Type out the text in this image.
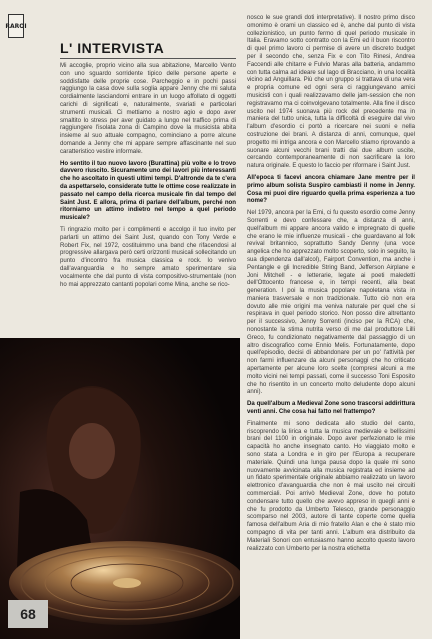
RAROI
L' INTERVISTA

Mi accoglie, proprio vicino alla sua abitazione, Marcello Vento con uno sguardo sorridente tipico delle persone aperte e soddisfatte delle proprie cose. Parcheggio e in pochi passi raggiungo la casa dove sulla soglia appare Jenny che mi saluta cordialmente lasciandomi entrare in un luogo affollato di oggetti carichi di significati e, naturalmente, svariati e particolari strumenti musicali. Ci mettiamo a nostro agio e dopo aver smaltito lo stress per aver guidato a lungo nel traffico prima di raggiungere l'isolata zona di Campino dove la musicista abita insieme al suo attuale compagno, cominciano a porre alcune domande a Jenny che mi appare sempre affascinante nel suo caratteristico vestire informale.

Ho sentito il tuo nuovo lavoro (Burattina) più volte e lo trovo davvero riuscito. Sicuramente uno dei lavori più interessanti che ho ascoltato in questi ultimi tempi. D'altronde da te c'era da aspettarselo, considerate tutte le ottime cose realizzate in passato nel campo della ricerca musicale fin dal tempo del Saint Just. E allora, prima di parlare dell'album, perché non ritorniamo un attimo indietro nel tempo a quel periodo musicale?

Ti ringrazio molto per i complimenti e accolgo il tuo invito per parlarti un attimo dei Saint Just, quando con Tony Verde e Robert Fix, nel 1972, costituimmo una band che rifacendosi al progressive allargava però certi orizzonti musicali sollecitando un punto d'incontro fra musica classica e rock. Io venivo dall'avanguardia e ho sempre amato sperimentare sia vocalmente che dal punto di vista compositivo-strumentale (non ho mai apprezzato cantanti popolari come Mina, anche se rico-

nosco le sue grandi doti interpretative). Il nostro primo disco omonimo è orami un classico ed è, anche dal punto di vista collezionistico, un punto fermo di quel periodo musicale in Italia. Eravamo sotto contratto con la Emi ed il buon riscontro di quel primo lavoro ci permise di avere un discreto budget per il secondo che, senza Fix e con Tito Rinesi, Andrea Faccendi alle chitarre e Fulvio Maras alla batteria, andammo con tutta calma ad ideare sul lago di Bracciano, in una località vicino ad Anguillara. Più che un gruppo si trattava di una vera e propria comune ed ogni sera ci raggiungevano amici musicisti con i quali realizzavamo delle jam-session che non registravamo ma ci coinvolgevano totalmente. Alla fine il disco uscito nel 1974 suonava più rock del precedente ma in maniera del tutto unica, tutta la difficoltà di eseguire dal vivo l'album d'esordio ci portò a ricercare nei suoni e nella costruzione dei brani. A distanza di anni, comunque, quel progetto mi intriga ancora e con Marcello stiamo riprovando a suonare alcuni vecchi brani tratti dai due album uscite, cercando contemporaneamente di non sacrificare la loro natura originale. E questo lo faccio per riformare i Saint Just.

All'epoca ti facevi ancora chiamare Jane mentre per il primo album solista Suspiro cambiasti il nome in Jenny. Cosa mi puoi dire riguardo quella prima esperienza a tuo nome?

Nel 1979, ancora per la Emi, ci fu questo esordio come Jenny Sorrenti e devo confessare che, a distanza di anni, quell'album mi appare ancora valido e impregnato di quelle che erano le mie influenze musicali - che guardavano al folk revival britannico, soprattutto Sandy Denny (una voce angelica che ho apprezzato molto scoperto, solo in seguito, la sua dipendenza dall'alcol), Fairport Convention, ma anche i Pentangle e gli Incredible String Band, Jefferson Airplane e Joni Mitchell - e letterarie, legate ai poeti maledetti dell'Ottocento francese e, in tempi recenti, alla beat generation. I poi la musica popolare napoletana vista in maniera trasversale e non tradizionale. Tutto ciò non era dovuto alle mie origini ma veniva naturale per quel che si respirava in quel periodo storico. Non posso dire altrettanto per il successivo, Jenny Sorrenti (inciso per la RCA) che, nonostante la stima nutrita verso di me dal produttore Lilli Greco, fu condizionato negativamente dal passaggio di un altro discografico come Ennio Melis. Fortunatamente, dopo quell'episodio, decisi di abbandonare per un po' l'attività per non farmi influenzare da alcuni personaggi che ho criticato apertamente per alcune loro scelte (compresi alcuni a me molto vicini nei tempi passati, come il successo Toni Esposito che ho risentito in un concerto molto deludente dopo alcuni anni).

Da quell'album a Medieval Zone sono trascorsi addirittura venti anni. Che cosa hai fatto nel frattempo?

Finalmente mi sono dedicata allo studio del canto, riscoprendo la lirica e tutta la musica medievale e bellissimi brani del 1100 in originale. Dopo aver perfezionato le mie capacità ho anche insegnato canto. Ho viaggiato molto e sono stata a Londra e in giro per l'Europa a recuperare materiale. Quindi una lunga pausa dopo la quale mi sono nuovamente avvicinata alla musica registrata ed insieme ad un fidato sperimentale originale abbiamo realizzato un lavoro elettronico d'avanguardia che non è mai uscito nei circuiti commerciali. Poi arrivò Medieval Zone, dove ho potuto condensare tutto quello che avevo appreso in quegli anni e che fu prodotto da Umberto Telesco, grande personaggio scomparso nel 2003, autore di tante coperte come quella famosa dell'album Aria di mio fratello Alan e che è stato mio compagno di vita per tanti anni. L'album era distribuito da Materiali Sonori con entusiasmo hanno accolto questo lavoro realizzato con Umberto per la nostra etichetta

68
